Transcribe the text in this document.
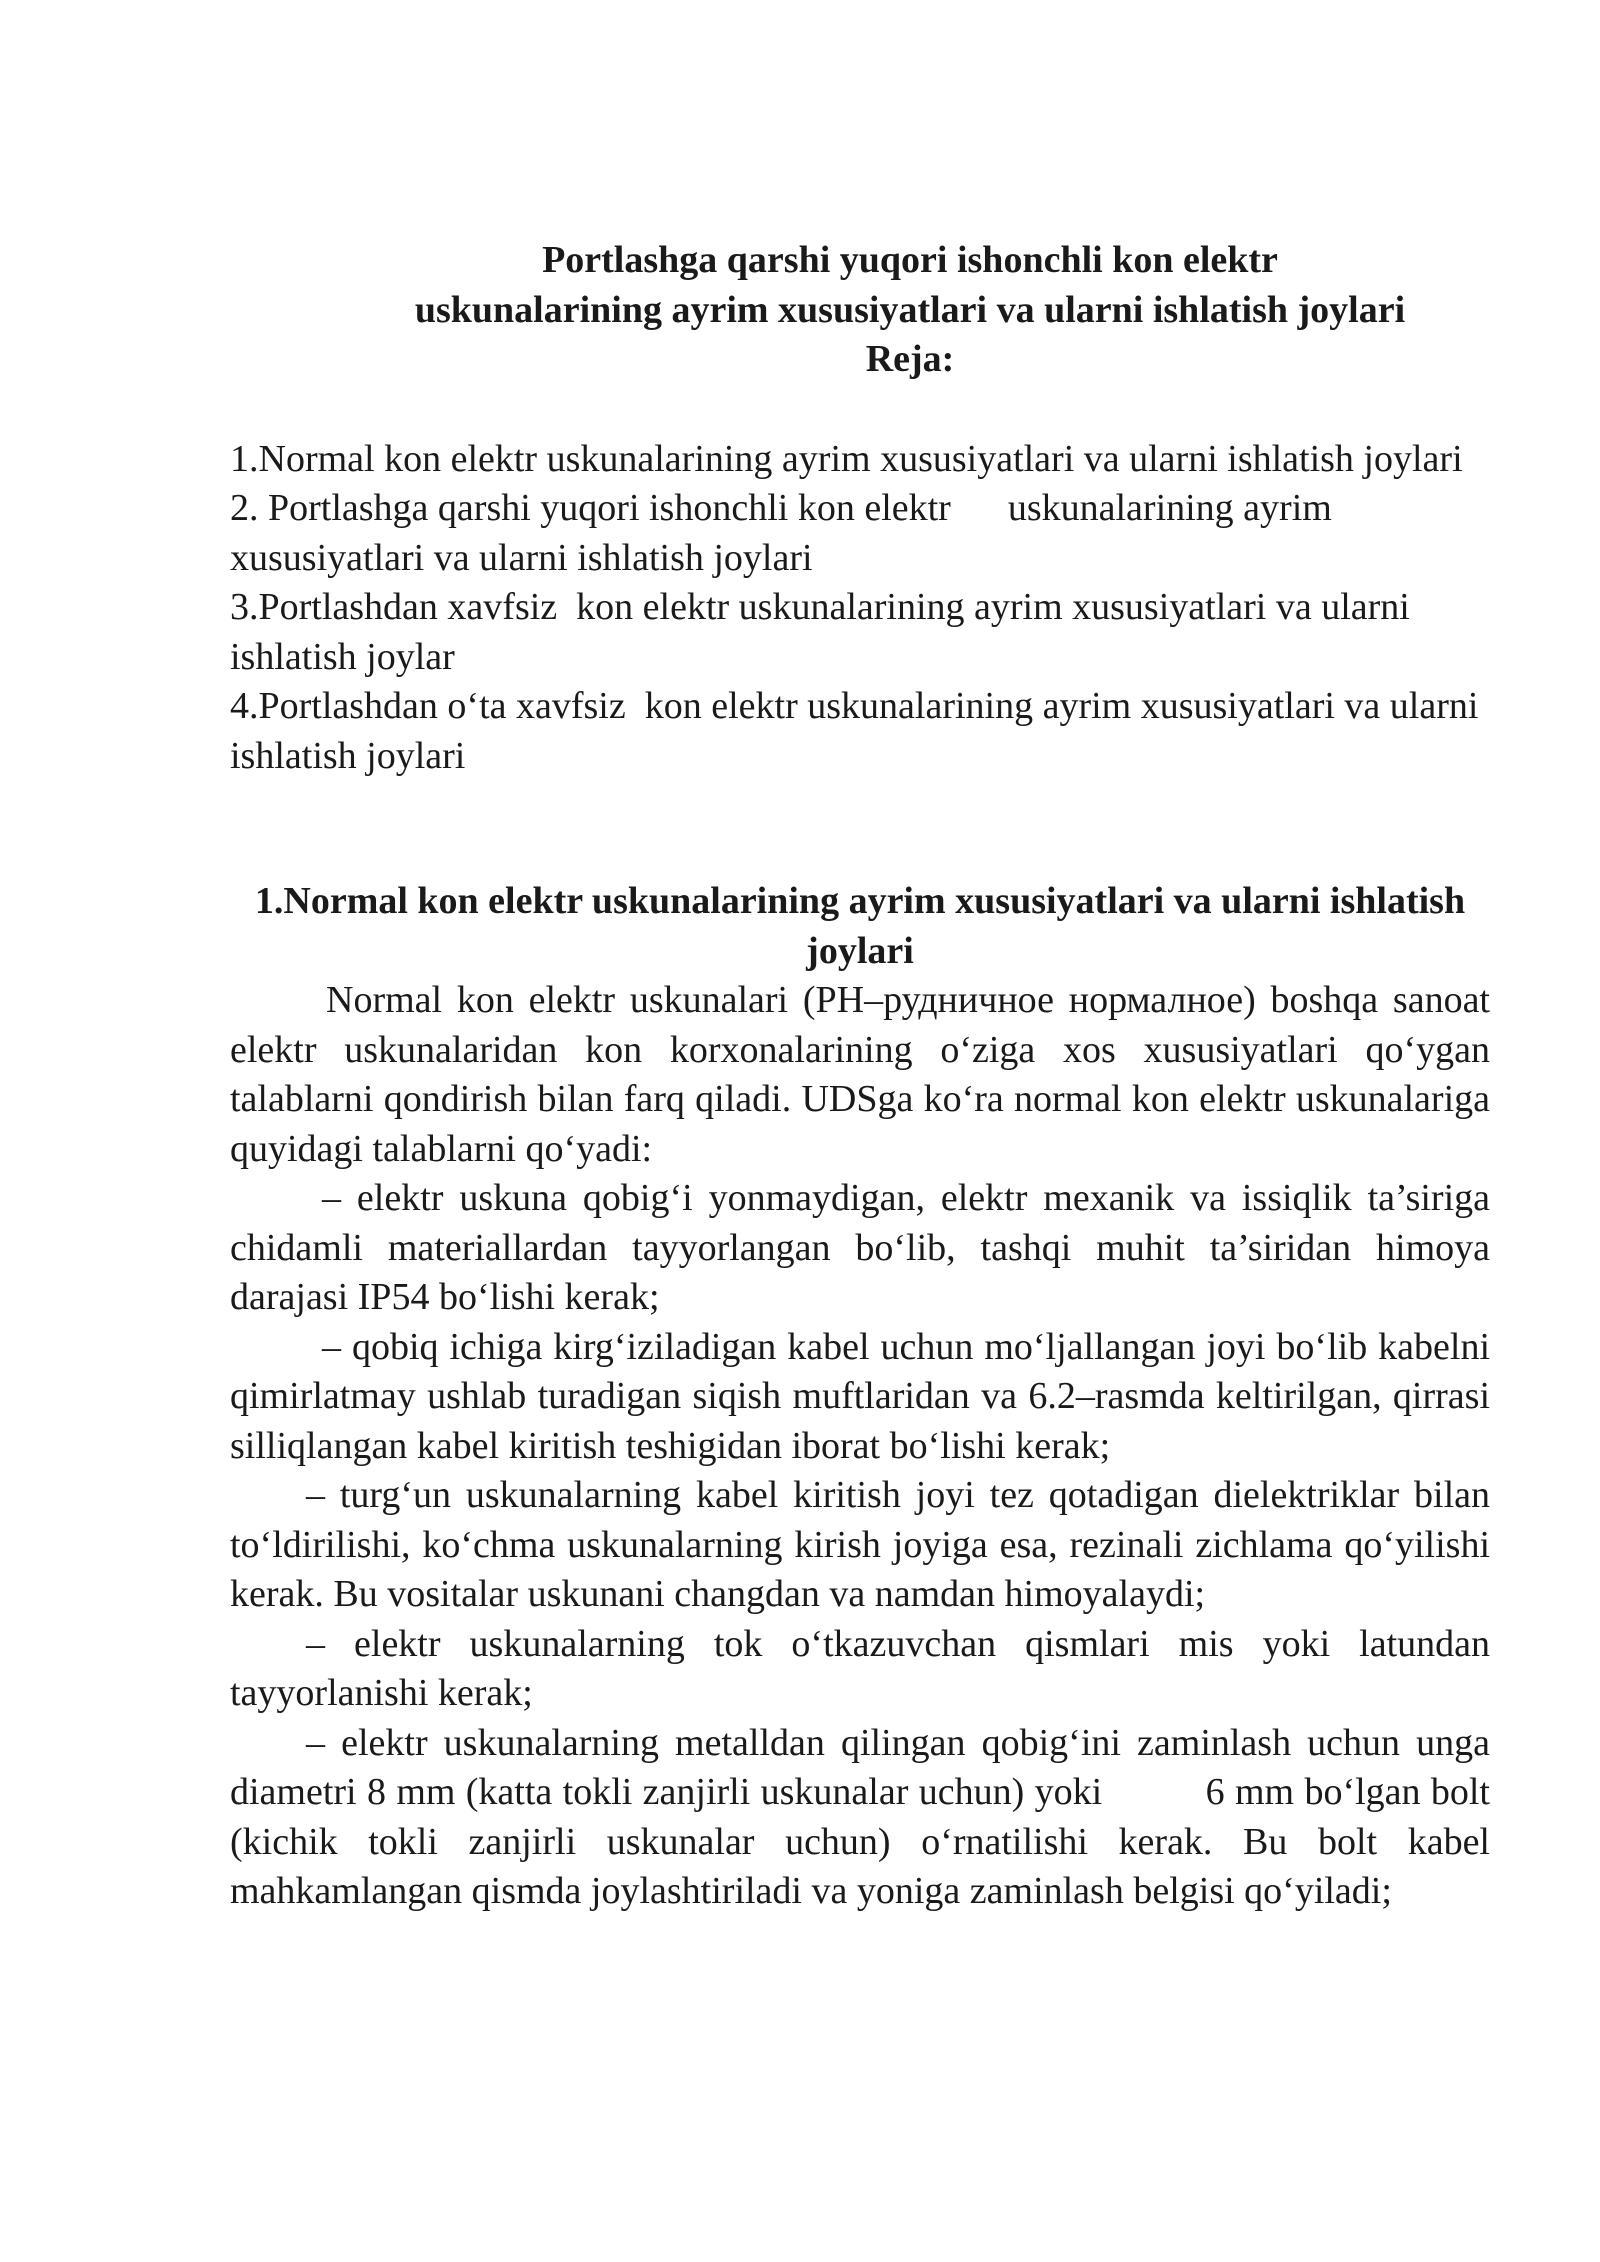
Portlashga qarshi yuqori ishonchli kon elektr
uskunalarining ayrim xususiyatlari va ularni ishlatish joylari
Reja:
1.Normal kon elektr uskunalarining ayrim xususiyatlari va ularni ishlatish joylari
2. Portlashga qarshi yuqori ishonchli kon elektr      uskunalarining ayrim xususiyatlari va ularni ishlatish joylari
3.Portlashdan xavfsiz  kon elektr uskunalarining ayrim xususiyatlari va ularni ishlatish joylar
4.Portlashdan o‘ta xavfsiz  kon elektr uskunalarining ayrim xususiyatlari va ularni ishlatish joylari
1.Normal kon elektr uskunalarining ayrim xususiyatlari va ularni ishlatish joylari

Normal kon elektr uskunalari (PH–рудничное нормалное) boshqa sanoat elektr uskunalaridan kon korxonalarining o‘ziga xos xususiyatlari qo‘ygan talablarni qondirish bilan farq qiladi. UDSga ko‘ra normal kon elektr uskunalariga quyidagi talablarni qo‘yadi:

– elektr uskuna qobig‘i yonmaydigan, elektr mexanik va issiqlik ta’siriga chidamli materiallardan tayyorlangan bo‘lib, tashqi muhit ta’siridan himoya darajasi IP54 bo‘lishi kerak;

– qobiq ichiga kirg‘iziladigan kabel uchun mo‘ljallangan joyi bo‘lib kabelni qimirlatmay ushlab turadigan siqish muftlaridan va 6.2–rasmda keltirilgan, qirrasi silliqlangan kabel kiritish teshigidan iborat bo‘lishi kerak;

– turg‘un uskunalarning kabel kiritish joyi tez qotadigan dielektriklar bilan to‘ldirilishi, ko‘chma uskunalarning kirish joyiga esa, rezinali zichlama qo‘yilishi kerak. Bu vositalar uskunani changdan va namdan himoyalaydi;

– elektr uskunalarning tok o‘tkazuvchan qismlari mis yoki latundan tayyorlanishi kerak;

– elektr uskunalarning metalldan qilingan qobig‘ini zaminlash uchun unga diametri 8 mm (katta tokli zanjirli uskunalar uchun) yoki          6 mm bo‘lgan bolt (kichik tokli zanjirli uskunalar uchun) o‘rnatilishi kerak. Bu bolt kabel mahkamlangan qismda joylashtiriladi va yoniga zaminlash belgisi qo‘yiladi;
